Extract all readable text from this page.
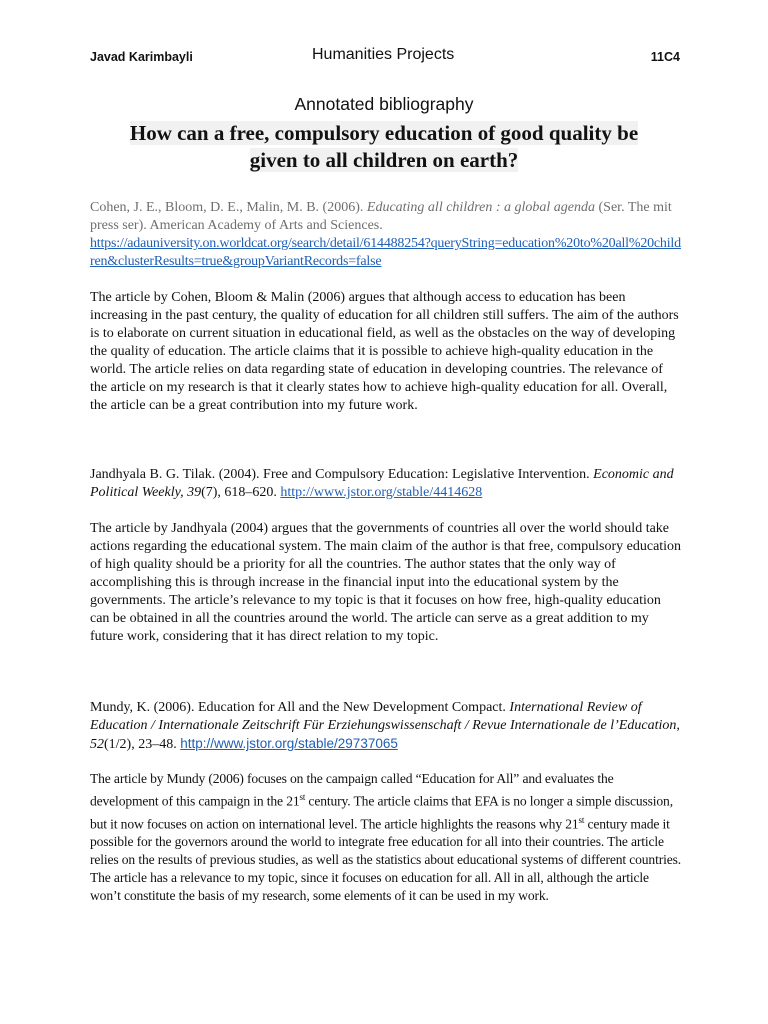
Javad Karimbayli	Humanities Projects	11C4
Annotated bibliography
How can a free, compulsory education of good quality be
given to all children on earth?
Cohen, J. E., Bloom, D. E., Malin, M. B. (2006). Educating all children : a global agenda (Ser. The mit press ser). American Academy of Arts and Sciences.
https://adauniversity.on.worldcat.org/search/detail/614488254?queryString=education%20to%20all%20children&clusterResults=true&groupVariantRecords=false
The article by Cohen, Bloom & Malin (2006) argues that although access to education has been increasing in the past century, the quality of education for all children still suffers. The aim of the authors is to elaborate on current situation in educational field, as well as the obstacles on the way of developing the quality of education. The article claims that it is possible to achieve high-quality education in the world. The article relies on data regarding state of education in developing countries. The relevance of the article on my research is that it clearly states how to achieve high-quality education for all. Overall, the article can be a great contribution into my future work.
Jandhyala B. G. Tilak. (2004). Free and Compulsory Education: Legislative Intervention. Economic and Political Weekly, 39(7), 618–620. http://www.jstor.org/stable/4414628
The article by Jandhyala (2004) argues that the governments of countries all over the world should take actions regarding the educational system. The main claim of the author is that free, compulsory education of high quality should be a priority for all the countries. The author states that the only way of accomplishing this is through increase in the financial input into the educational system by the governments. The article’s relevance to my topic is that it focuses on how free, high-quality education can be obtained in all the countries around the world. The article can serve as a great addition to my future work, considering that it has direct relation to my topic.
Mundy, K. (2006). Education for All and the New Development Compact. International Review of Education / Internationale Zeitschrift Für Erziehungswissenschaft / Revue Internationale de l’Education, 52(1/2), 23–48. http://www.jstor.org/stable/29737065
The article by Mundy (2006) focuses on the campaign called “Education for All” and evaluates the development of this campaign in the 21st century. The article claims that EFA is no longer a simple discussion, but it now focuses on action on international level. The article highlights the reasons why 21st century made it possible for the governors around the world to integrate free education for all into their countries. The article relies on the results of previous studies, as well as the statistics about educational systems of different countries. The article has a relevance to my topic, since it focuses on education for all. All in all, although the article won’t constitute the basis of my research, some elements of it can be used in my work.
